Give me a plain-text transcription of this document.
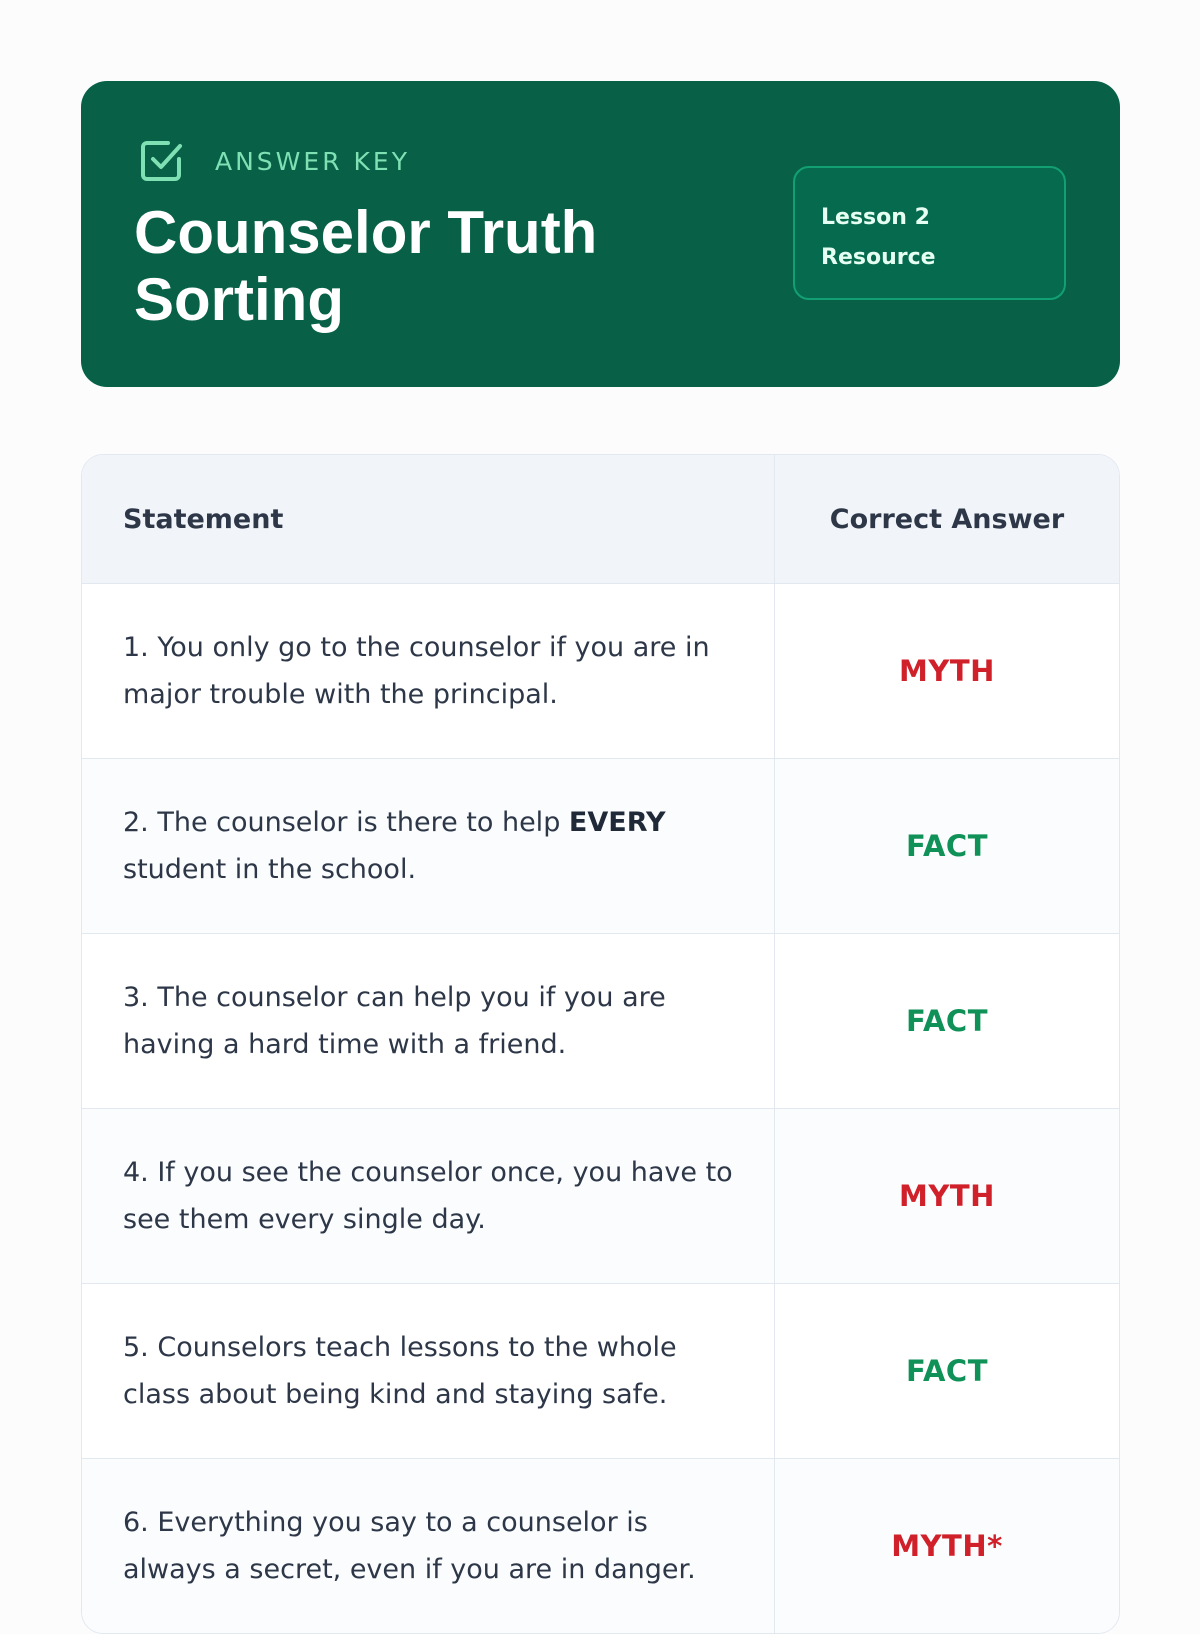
ANSWER KEY
Counselor Truth Sorting
Lesson 2
Resource
Statement	Correct Answer
1. You only go to the counselor if you are in major trouble with the principal.
MYTH
2. The counselor is there to help EVERY student in the school.
FACT
3. The counselor can help you if you are having a hard time with a friend.
FACT
4. If you see the counselor once, you have to see them every single day.
MYTH
5. Counselors teach lessons to the whole class about being kind and staying safe.
FACT
6. Everything you say to a counselor is always a secret, even if you are in danger.
MYTH*
